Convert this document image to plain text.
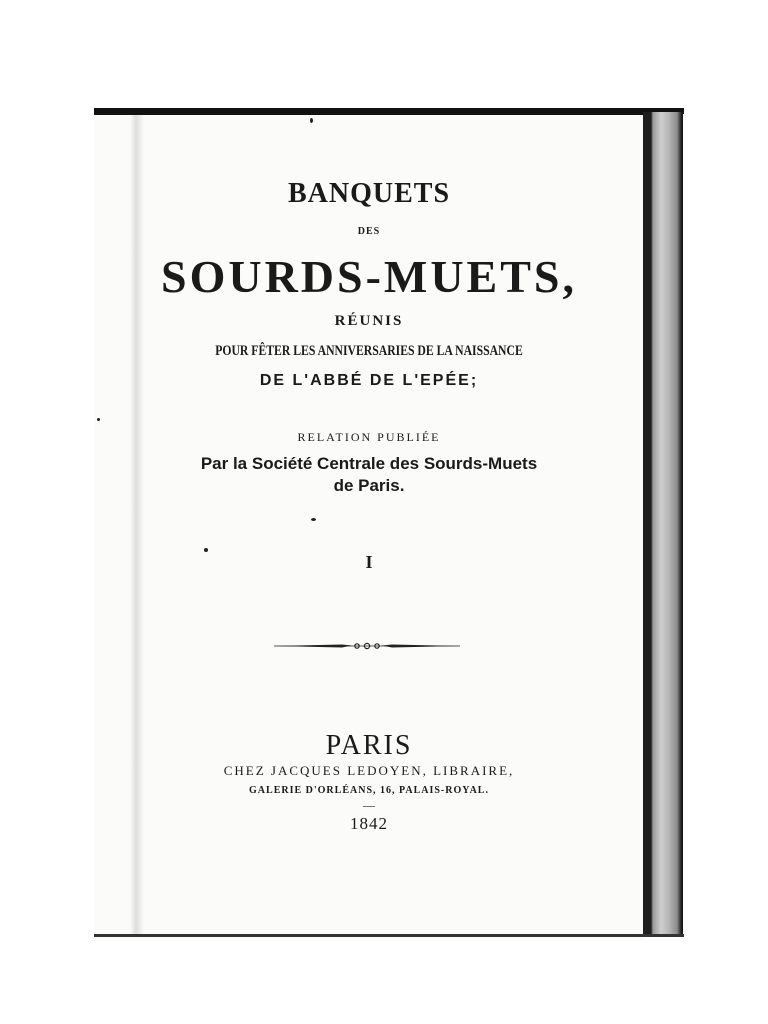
BANQUETS
DES
SOURDS-MUETS,
RÉUNIS
POUR FÊTER LES ANNIVERSARIES DE LA NAISSANCE
DE L'ABBÉ DE L'EPÉE;
RELATION PUBLIÉE
Par la Société Centrale des Sourds-Muets
de Paris.
I
PARIS
CHEZ JACQUES LEDOYEN, LIBRAIRE,
GALERIE D'ORLÉANS, 16, PALAIS-ROYAL.
—
1842
